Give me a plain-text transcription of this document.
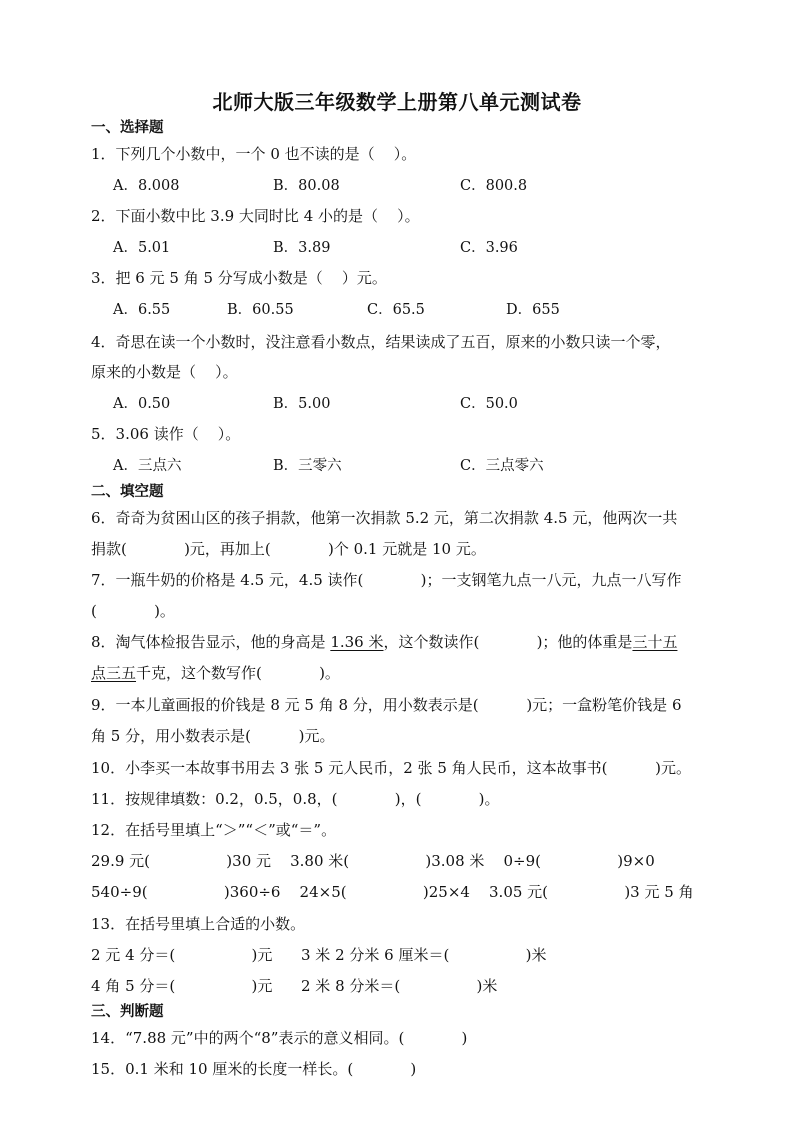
北师大版三年级数学上册第八单元测试卷
一、选择题
1．下列几个小数中，一个 0 也不读的是（    ）。
A．8.008	B．80.08	C．800.8
2．下面小数中比 3.9 大同时比 4 小的是（    ）。
A．5.01	B．3.89	C．3.96
3．把 6 元 5 角 5 分写成小数是（    ）元。
A．6.55	B．60.55	C．65.5	D．655
4．奇思在读一个小数时，没注意看小数点，结果读成了五百，原来的小数只读一个零，
原来的小数是（    ）。
A．0.50	B．5.00	C．50.0
5．3.06 读作（    ）。
A．三点六	B．三零六	C．三点零六
二、填空题
6．奇奇为贫困山区的孩子捐款，他第一次捐款 5.2 元，第二次捐款 4.5 元，他两次一共
捐款(            )元，再加上(            )个 0.1 元就是 10 元。
7．一瓶牛奶的价格是 4.5 元，4.5 读作(            )；一支钢笔九点一八元，九点一八写作
(            )。
8．淘气体检报告显示，他的身高是 1.36 米，这个数读作(            )；他的体重是三十五
点三五千克，这个数写作(            )。
9．一本儿童画报的价钱是 8 元 5 角 8 分，用小数表示是(          )元；一盒粉笔价钱是 6
角 5 分，用小数表示是(          )元。
10．小李买一本故事书用去 3 张 5 元人民币，2 张 5 角人民币，这本故事书(          )元。
11．按规律填数：0.2，0.5，0.8，(            )，(            )。
12．在括号里填上“＞”“＜”或“＝”。
29.9 元(                )30 元    3.80 米(                )3.08 米    0÷9(                )9×0
540÷9(                )360÷6    24×5(                )25×4    3.05 元(                )3 元 5 角
13．在括号里填上合适的小数。
2 元 4 分＝(                )元      3 米 2 分米 6 厘米＝(                )米
4 角 5 分＝(                )元      2 米 8 分米＝(                )米
三、判断题
14．“7.88 元”中的两个“8”表示的意义相同。(            )
15．0.1 米和 10 厘米的长度一样长。(            )
